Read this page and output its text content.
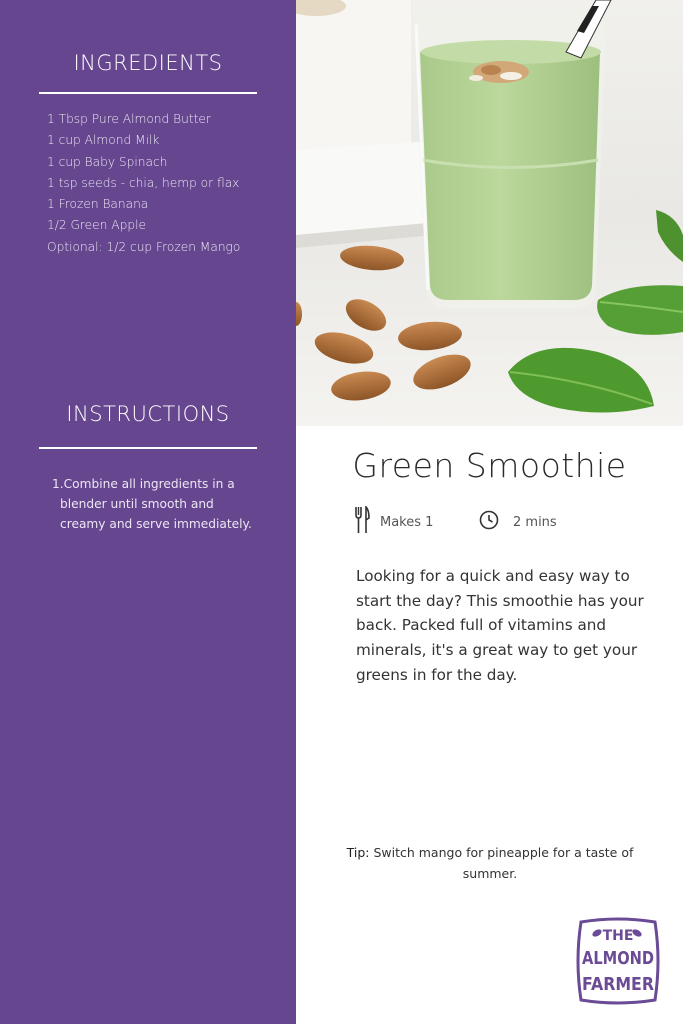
INGREDIENTS
1 Tbsp Pure Almond Butter
1 cup Almond Milk
1 cup Baby Spinach
1 tsp seeds - chia, hemp or flax
1 Frozen Banana
1/2 Green Apple
Optional: 1/2 cup Frozen Mango
INSTRUCTIONS
1.Combine all ingredients in a blender until smooth and creamy and serve immediately.
Green Smoothie
Makes 1	2 mins

Looking for a quick and easy way to start the day? This smoothie has your back. Packed full of vitamins and minerals, it's a great way to get your greens in for the day.

Tip: Switch mango for pineapple for a taste of summer.
THE
ALMOND
FARMER
